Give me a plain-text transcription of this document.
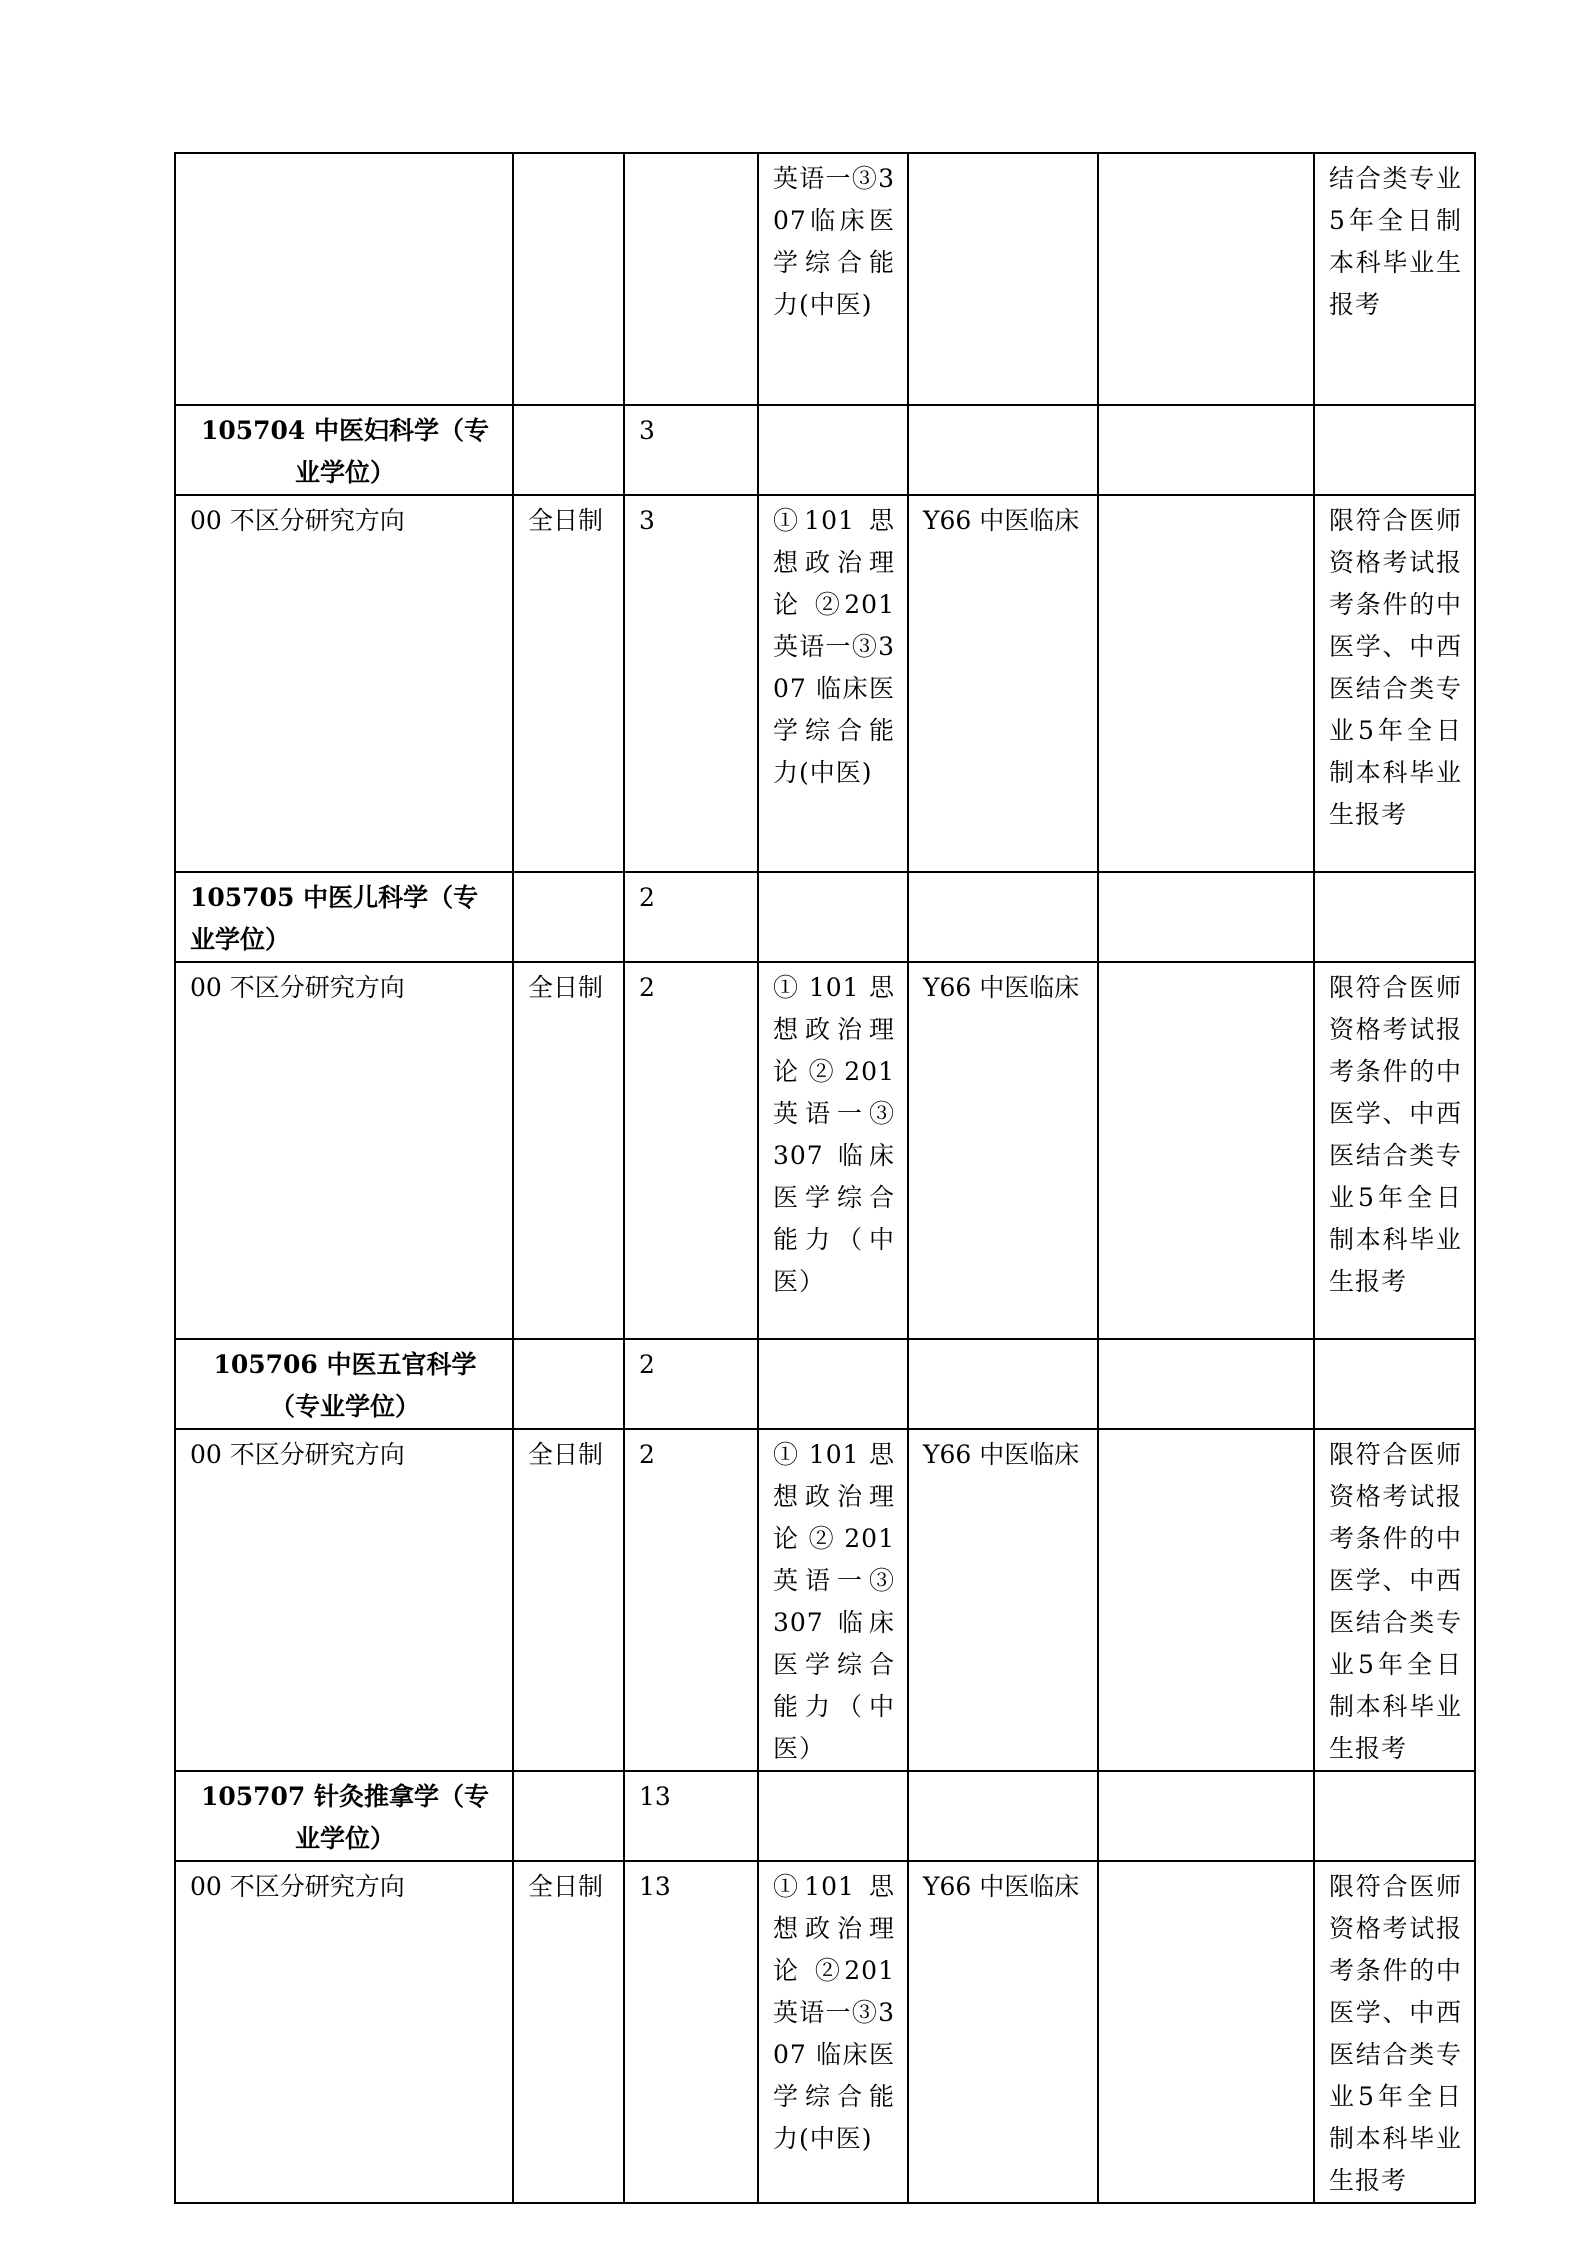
			英语一③307临床医学综合能力(中医)			结合类专业5年全日制本科毕业生报考
105704 中医妇科学（专业学位）		3				
00 不区分研究方向	全日制	3	①101 思想政治理论 ②201 英语一③307 临床医学综合能力(中医)	Y66 中医临床		限符合医师资格考试报考条件的中医学、中西医结合类专业5年全日制本科毕业生报考
105705 中医儿科学（专业学位）		2				
00 不区分研究方向	全日制	2	① 101 思想政治理论 ② 201 英语一③ 307 临床医学综合能力（中医）	Y66 中医临床		限符合医师资格考试报考条件的中医学、中西医结合类专业5年全日制本科毕业生报考
105706 中医五官科学（专业学位）		2				
00 不区分研究方向	全日制	2	① 101 思想政治理论 ② 201 英语一③ 307 临床医学综合能力（中医）	Y66 中医临床		限符合医师资格考试报考条件的中医学、中西医结合类专业5年全日制本科毕业生报考
105707 针灸推拿学（专业学位）		13				
00 不区分研究方向	全日制	13	①101 思想政治理论 ②201 英语一③307 临床医学综合能力(中医)	Y66 中医临床		限符合医师资格考试报考条件的中医学、中西医结合类专业5年全日制本科毕业生报考
